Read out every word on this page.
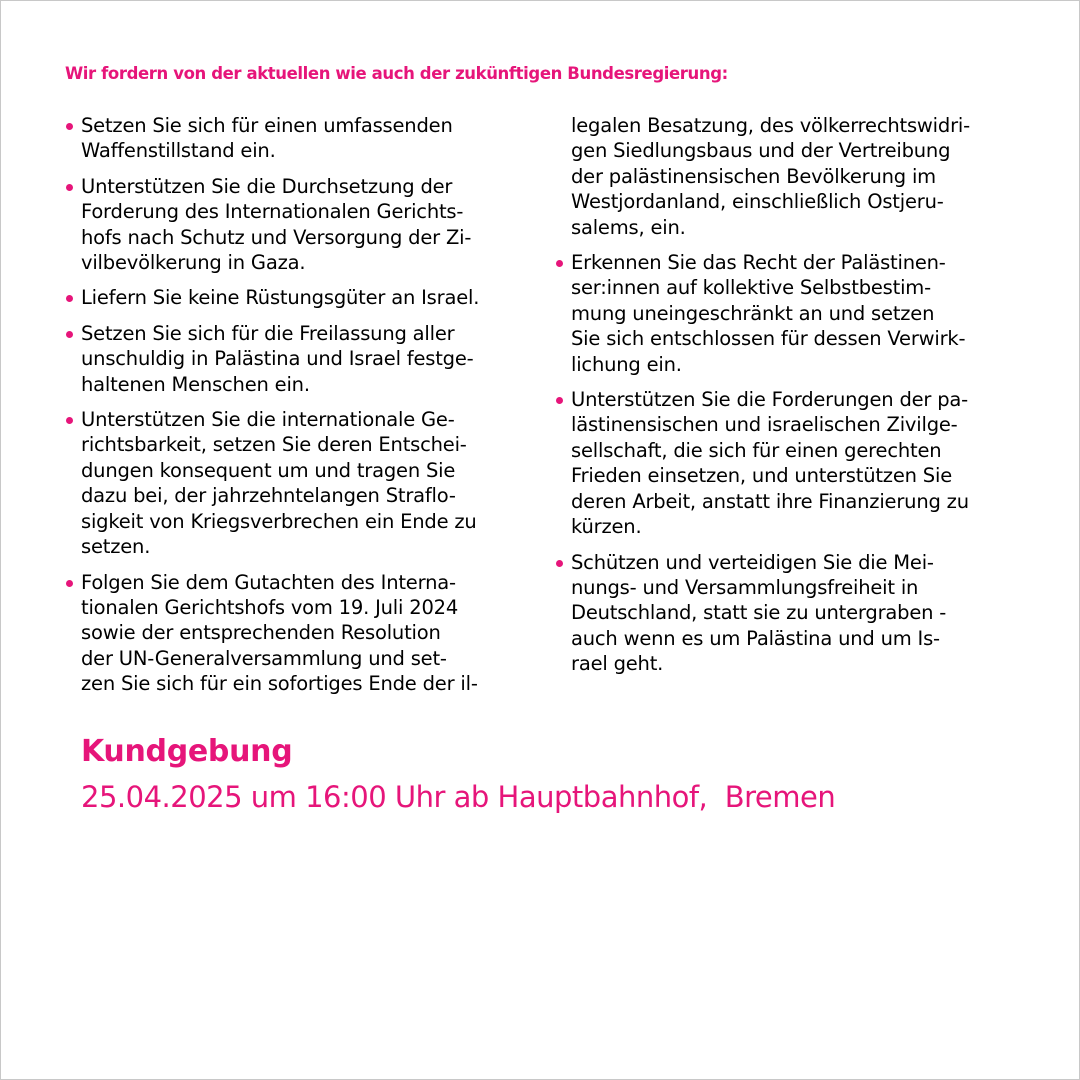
Wir fordern von der aktuellen wie auch der zukünftigen Bundesregierung:

Setzen Sie sich für einen umfassenden
Waffenstillstand ein.
Unterstützen Sie die Durchsetzung der
Forderung des Internationalen Gerichts-
hofs nach Schutz und Versorgung der Zi-
vilbevölkerung in Gaza.
Liefern Sie keine Rüstungsgüter an Israel.
Setzen Sie sich für die Freilassung aller
unschuldig in Palästina und Israel festge-
haltenen Menschen ein.
Unterstützen Sie die internationale Ge-
richtsbarkeit, setzen Sie deren Entschei-
dungen konsequent um und tragen Sie
dazu bei, der jahrzehntelangen Straflo-
sigkeit von Kriegsverbrechen ein Ende zu
setzen.
Folgen Sie dem Gutachten des Interna-
tionalen Gerichtshofs vom 19. Juli 2024
sowie der entsprechenden Resolution
der UN-Generalversammlung und set-
zen Sie sich für ein sofortiges Ende der il-
legalen Besatzung, des völkerrechtswidri-
gen Siedlungsbaus und der Vertreibung
der palästinensischen Bevölkerung im
Westjordanland, einschließlich Ostjeru-
salems, ein.
Erkennen Sie das Recht der Palästinen-
ser:innen auf kollektive Selbstbestim-
mung uneingeschränkt an und setzen
Sie sich entschlossen für dessen Verwirk-
lichung ein.
Unterstützen Sie die Forderungen der pa-
lästinensischen und israelischen Zivilge-
sellschaft, die sich für einen gerechten
Frieden einsetzen, und unterstützen Sie
deren Arbeit, anstatt ihre Finanzierung zu
kürzen.
Schützen und verteidigen Sie die Mei-
nungs- und Versammlungsfreiheit in
Deutschland, statt sie zu untergraben -
auch wenn es um Palästina und um Is-
rael geht.
Kundgebung

25.04.2025 um 16:00 Uhr ab Hauptbahnhof,  Bremen
